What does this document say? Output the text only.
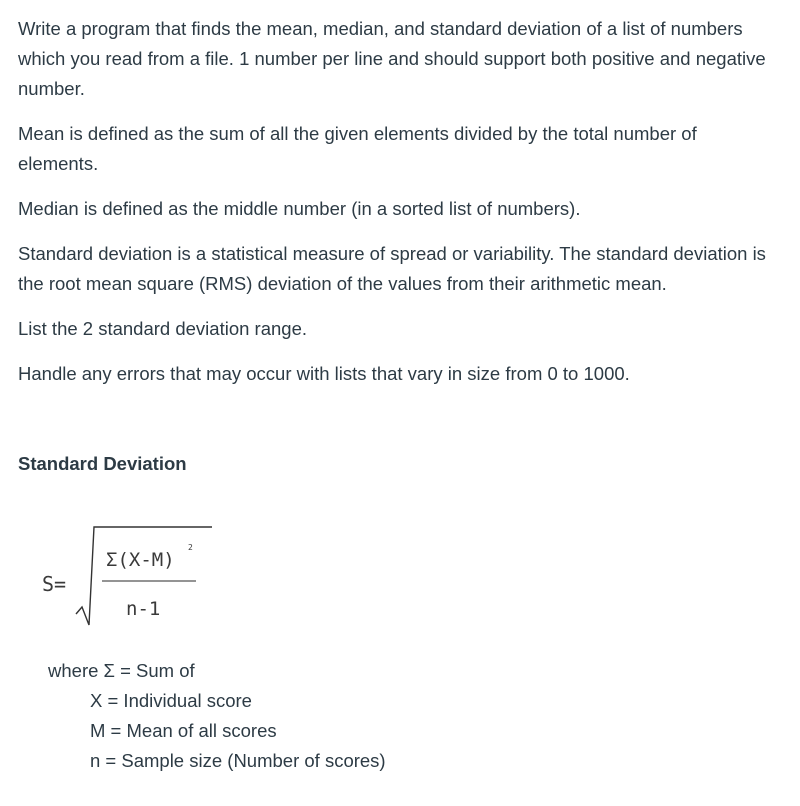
Write a program that finds the mean, median, and standard deviation of a list of numbers
which you read from a file. 1 number per line and should support both positive and negative
number.

Mean is defined as the sum of all the given elements divided by the total number of
elements.

Median is defined as the middle number (in a sorted list of numbers).

Standard deviation is a statistical measure of spread or variability. The standard deviation is
the root mean square (RMS) deviation of the values from their arithmetic mean.

List the 2 standard deviation range.

Handle any errors that may occur with lists that vary in size from 0 to 1000.

Standard Deviation
S=
Σ(X-M)
2
n-1
where Σ = Sum of
X = Individual score
M = Mean of all scores
n = Sample size (Number of scores)
